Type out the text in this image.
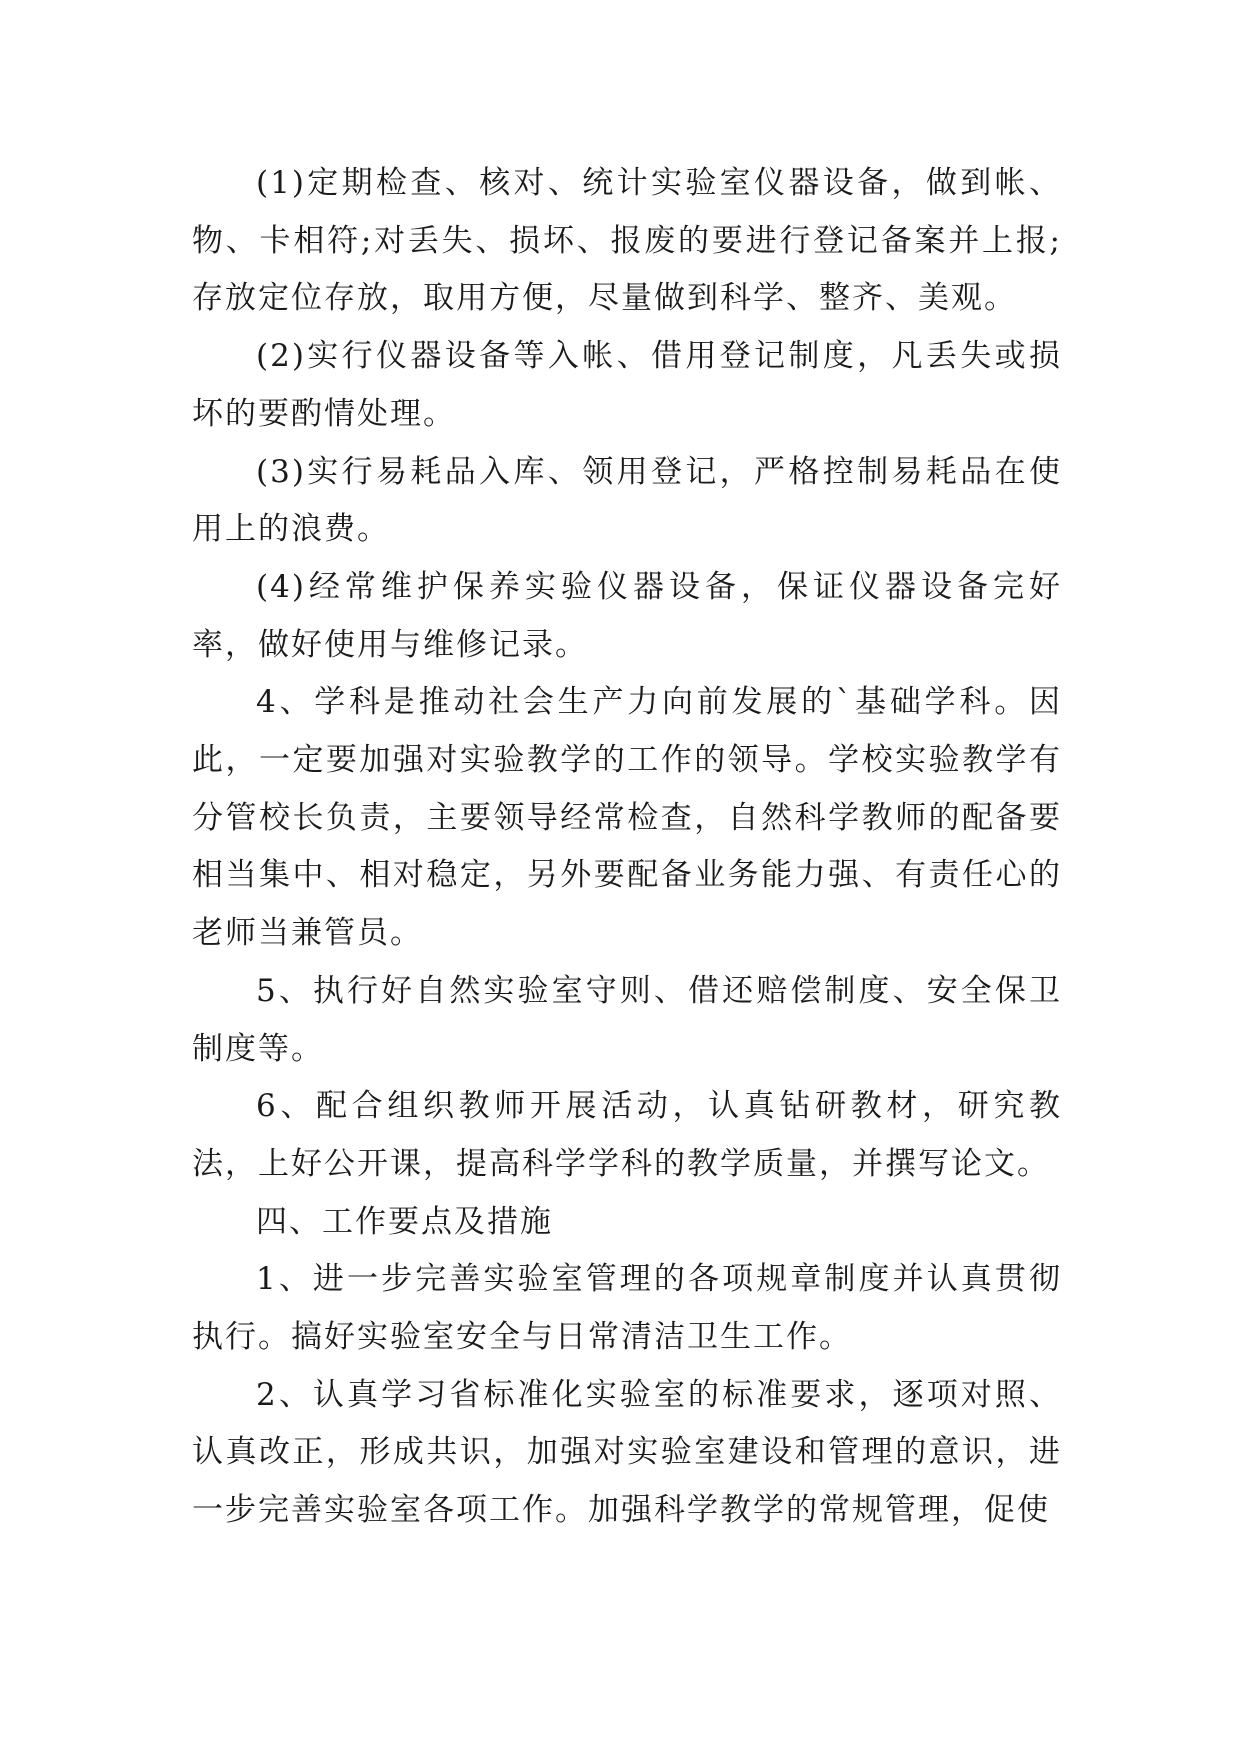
(1)定期检查、核对、统计实验室仪器设备，做到帐、物、卡相符;对丢失、损坏、报废的要进行登记备案并上报;存放定位存放，取用方便，尽量做到科学、整齐、美观。

(2)实行仪器设备等入帐、借用登记制度，凡丢失或损坏的要酌情处理。

(3)实行易耗品入库、领用登记，严格控制易耗品在使用上的浪费。

(4)经常维护保养实验仪器设备，保证仪器设备完好率，做好使用与维修记录。

4、学科是推动社会生产力向前发展的`基础学科。因此，一定要加强对实验教学的工作的领导。学校实验教学有分管校长负责，主要领导经常检查，自然科学教师的配备要相当集中、相对稳定，另外要配备业务能力强、有责任心的老师当兼管员。

5、执行好自然实验室守则、借还赔偿制度、安全保卫制度等。

6、配合组织教师开展活动，认真钻研教材，研究教法，上好公开课，提高科学学科的教学质量，并撰写论文。

四、工作要点及措施

1、进一步完善实验室管理的各项规章制度并认真贯彻执行。搞好实验室安全与日常清洁卫生工作。

2、认真学习省标准化实验室的标准要求，逐项对照、认真改正，形成共识，加强对实验室建设和管理的意识，进一步完善实验室各项工作。加强科学教学的常规管理，促使
